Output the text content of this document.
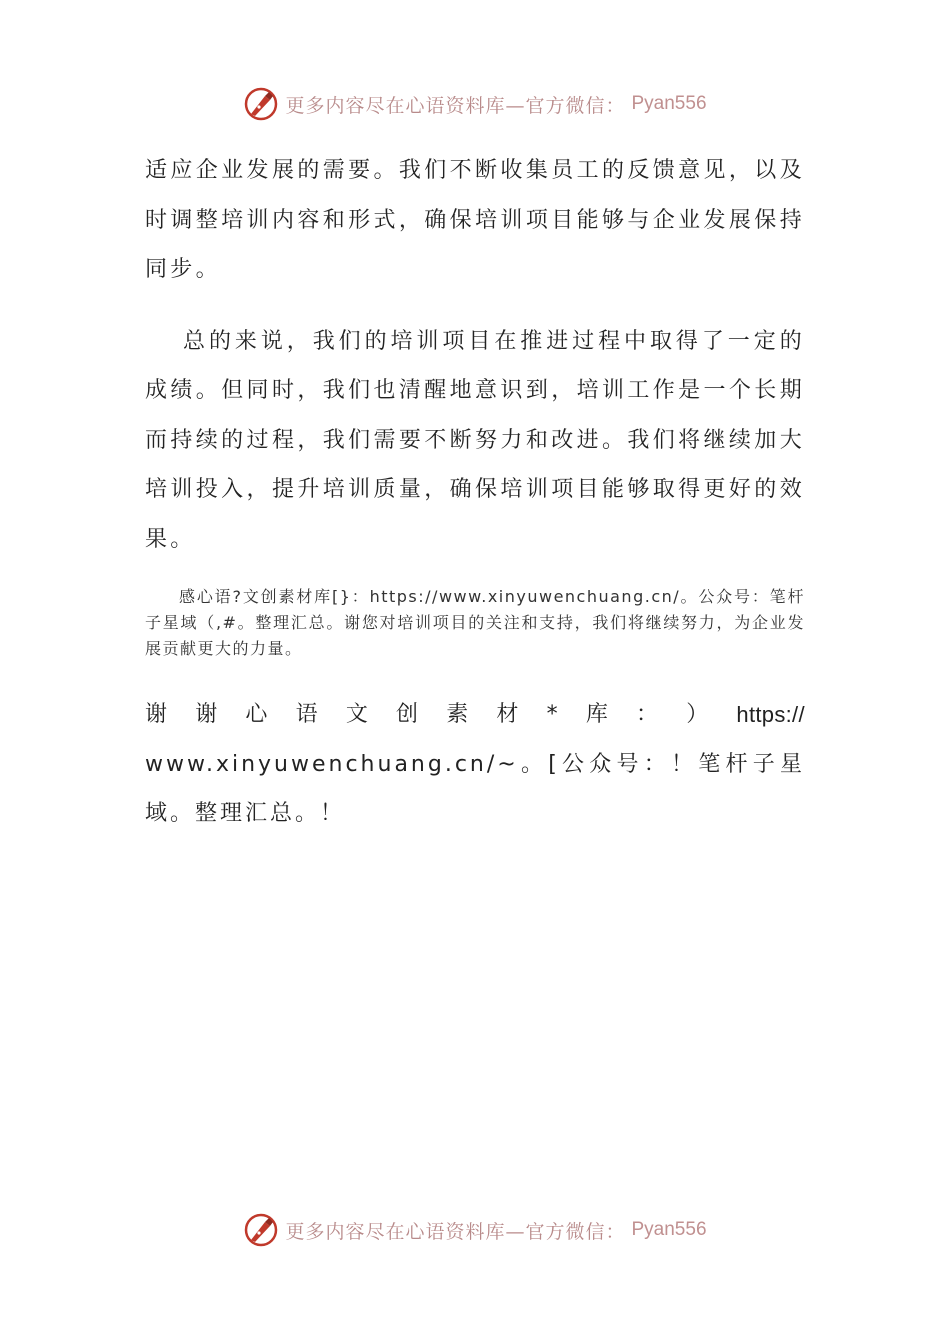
更多内容尽在心语资料库—官方微信： Pyan556

适应企业发展的需要。我们不断收集员工的反馈意见，以及时调整培训内容和形式，确保培训项目能够与企业发展保持同步。

总的来说，我们的培训项目在推进过程中取得了一定的成绩。但同时，我们也清醒地意识到，培训工作是一个长期而持续的过程，我们需要不断努力和改进。我们将继续加大培训投入，提升培训质量，确保培训项目能够取得更好的效果。

感心语?文创素材库[}：https://www.xinyuwenchuang.cn/。公众号：笔杆子星域（,#。整理汇总。谢您对培训项目的关注和支持，我们将继续努力，为企业发展贡献更大的力量。

谢 谢 心 语 文 创 素 材 * 库 ： ） https://
www.xinyuwenchuang.cn/~。[公众号：！笔杆子星域。整理汇总。！
更多内容尽在心语资料库—官方微信： Pyan556
